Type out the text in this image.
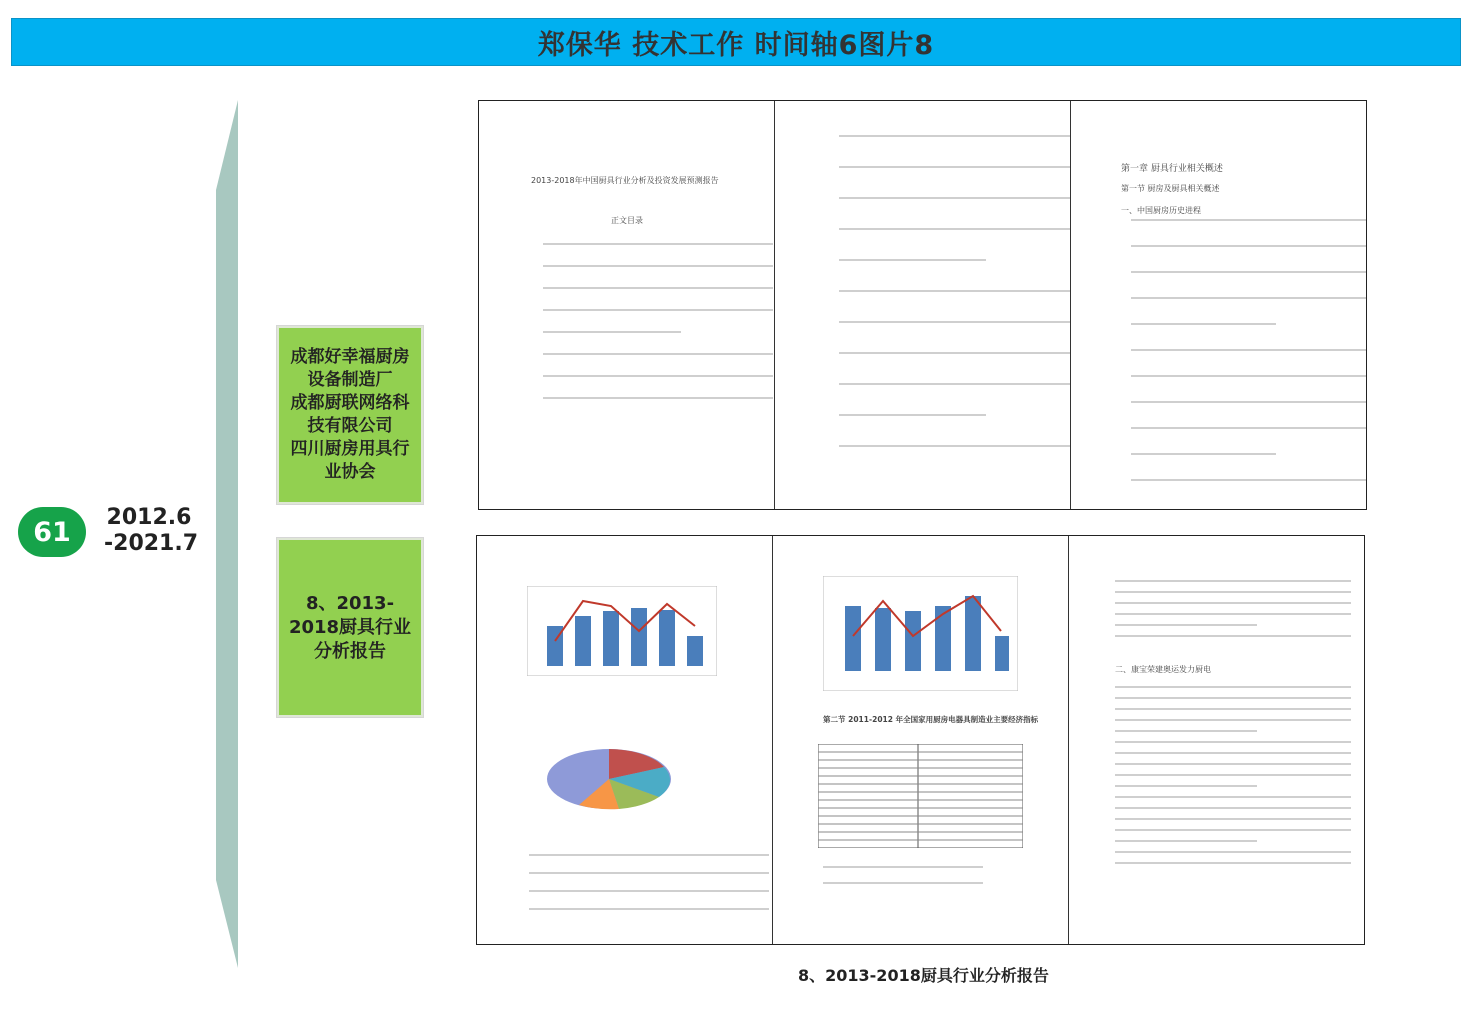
郑保华 技术工作 时间轴6图片8
61 2012.6
-2021.7
成都好幸福厨房
设备制造厂
成都厨联网络科
技有限公司
四川厨房用具行
业协会
8、2013-
2018厨具行业
分析报告
2013-2018年中国厨具行业分析及投资发展预测报告
正文目录
第一章 厨具行业相关概述
第一节 厨房及厨具相关概述
一、中国厨房历史进程
第二节 2011-2012 年全国家用厨房电器具制造业主要经济指标
二、康宝荣建奥运发力厨电
8、2013-2018厨具行业分析报告
